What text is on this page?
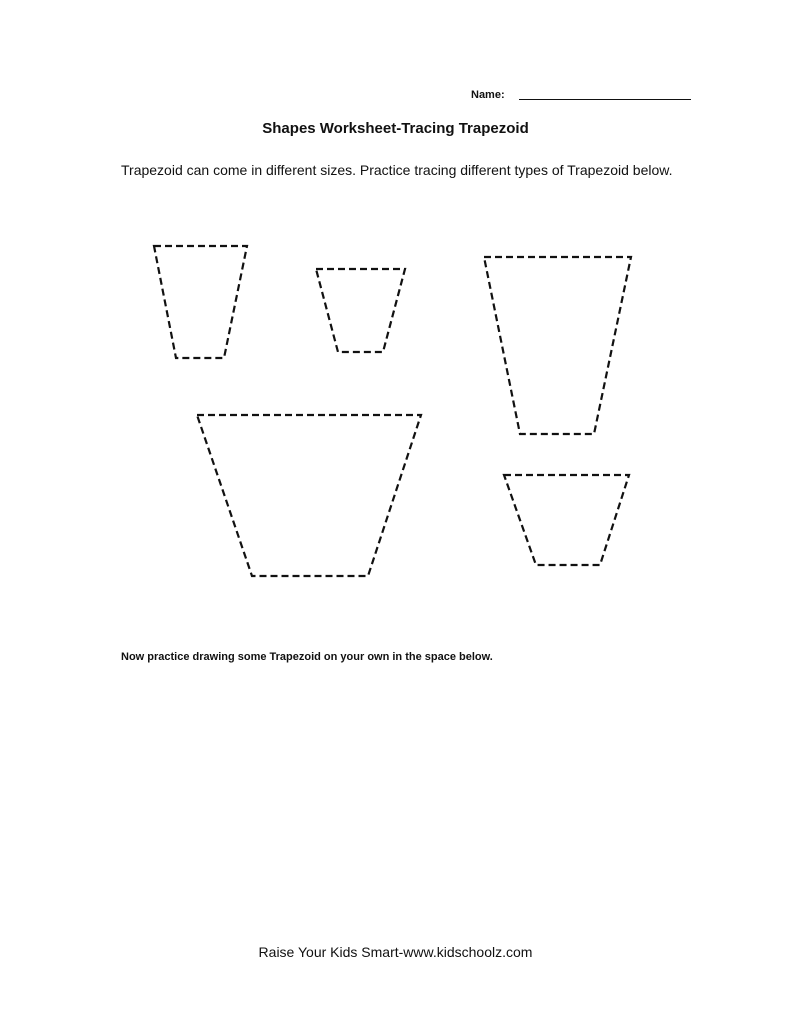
Name:
Shapes Worksheet-Tracing Trapezoid
Trapezoid can come in different sizes. Practice tracing different types of Trapezoid below.
Now practice drawing some Trapezoid on your own in the space below.
Raise Your Kids Smart-www.kidschoolz.com
